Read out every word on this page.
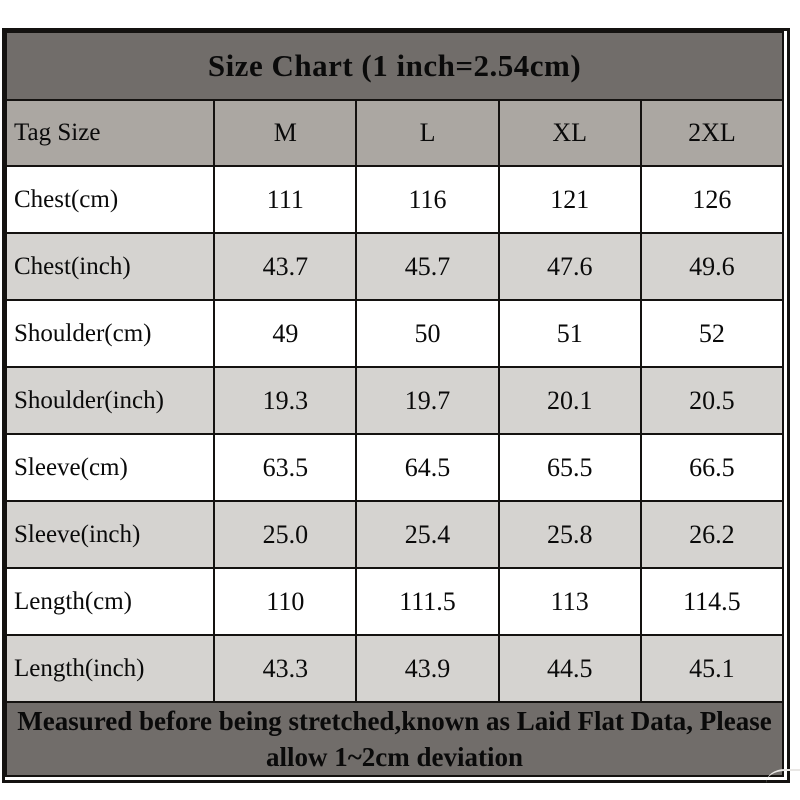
Size Chart (1 inch=2.54cm)				
Tag Size	M	L	XL	2XL
Chest(cm)	111	116	121	126
Chest(inch)	43.7	45.7	47.6	49.6
Shoulder(cm)	49	50	51	52
Shoulder(inch)	19.3	19.7	20.1	20.5
Sleeve(cm)	63.5	64.5	65.5	66.5
Sleeve(inch)	25.0	25.4	25.8	26.2
Length(cm)	110	111.5	113	114.5
Length(inch)	43.3	43.9	44.5	45.1

Measured before being stretched,known as Laid Flat Data, Please
allow 1~2cm deviation				
